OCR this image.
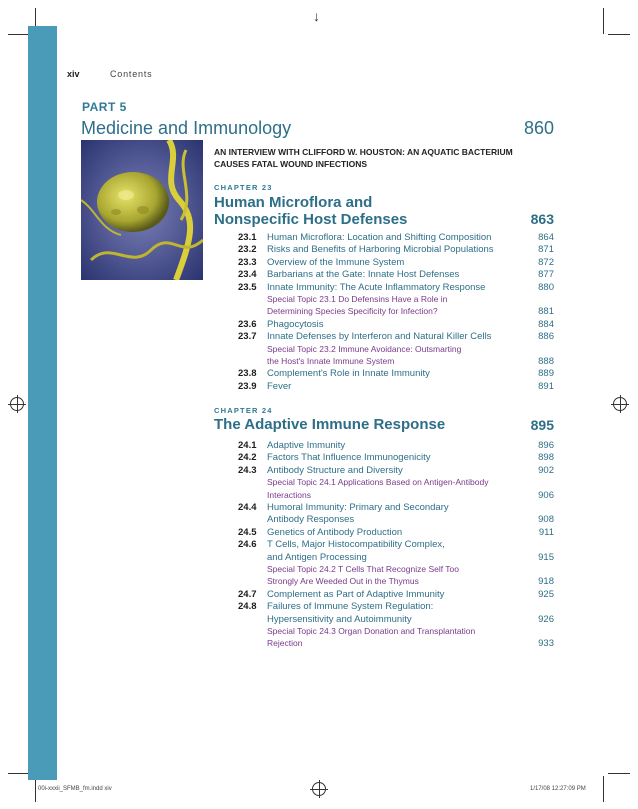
↓
xiv	Contents
PART 5
Medicine and Immunology	860
AN INTERVIEW WITH CLIFFORD W. HOUSTON: AN AQUATIC BACTERIUM
CAUSES FATAL WOUND INFECTIONS
CHAPTER 23
Human Microflora and
Nonspecific Host Defenses	863
23.1 Human Microflora: Location and Shifting Composition	864
23.2 Risks and Benefits of Harboring Microbial Populations	871
23.3 Overview of the Immune System	872
23.4 Barbarians at the Gate: Innate Host Defenses	877
23.5 Innate Immunity: The Acute Inflammatory Response	880
Special Topic 23.1 Do Defensins Have a Role in
Determining Species Specificity for Infection?	881
23.6 Phagocytosis	884
23.7 Innate Defenses by Interferon and Natural Killer Cells	886
Special Topic 23.2 Immune Avoidance: Outsmarting
the Host's Innate Immune System	888
23.8 Complement's Role in Innate Immunity	889
23.9 Fever	891
CHAPTER 24
The Adaptive Immune Response	895
24.1 Adaptive Immunity	896
24.2 Factors That Influence Immunogenicity	898
24.3 Antibody Structure and Diversity	902
Special Topic 24.1 Applications Based on Antigen-Antibody
Interactions	906
24.4 Humoral Immunity: Primary and Secondary
Antibody Responses	908
24.5 Genetics of Antibody Production	911
24.6 T Cells, Major Histocompatibility Complex,
and Antigen Processing	915
Special Topic 24.2 T Cells That Recognize Self Too
Strongly Are Weeded Out in the Thymus	918
24.7 Complement as Part of Adaptive Immunity	925
24.8 Failures of Immune System Regulation:
Hypersensitivity and Autoimmunity	926
Special Topic 24.3 Organ Donation and Transplantation
Rejection	933
00i-xxxii_SFMB_fm.indd xiv	1/17/08 12:27:09 PM
